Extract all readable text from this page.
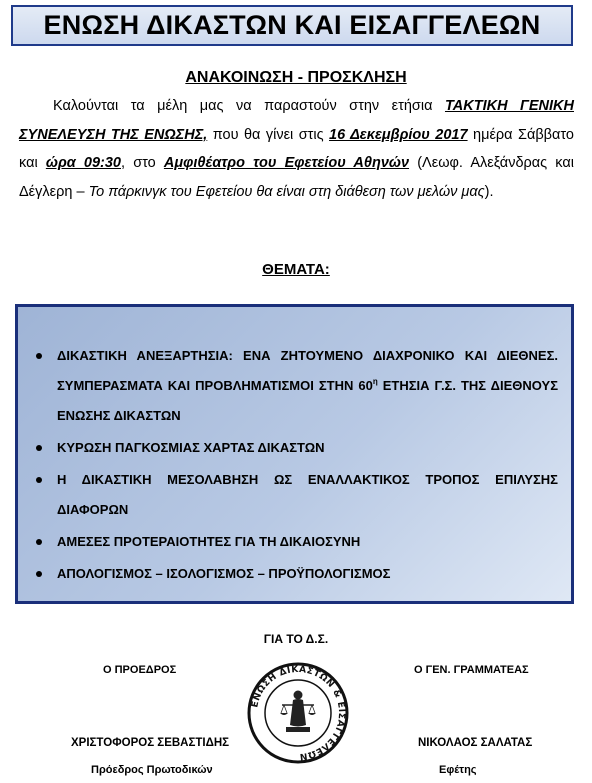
ΕΝΩΣΗ ΔΙΚΑΣΤΩΝ ΚΑΙ ΕΙΣΑΓΓΕΛΕΩΝ
ΑΝΑΚΟΙΝΩΣΗ - ΠΡΟΣΚΛΗΣΗ
Καλούνται τα μέλη μας να παραστούν στην ετήσια ΤΑΚΤΙΚΗ ΓΕΝΙΚΗ ΣΥΝΕΛΕΥΣΗ ΤΗΣ ΕΝΩΣΗΣ, που θα γίνει στις 16 Δεκεμβρίου 2017 ημέρα Σάββατο και ώρα 09:30, στο Αμφιθέατρο του Εφετείου Αθηνών (Λεωφ. Αλεξάνδρας και Δέγλερη – Το πάρκινγκ του Εφετείου θα είναι στη διάθεση των μελών μας).
ΘΕΜΑΤΑ:
ΔΙΚΑΣΤΙΚΗ ΑΝΕΞΑΡΤΗΣΙΑ: ΕΝΑ ΖΗΤΟΥΜΕΝΟ ΔΙΑΧΡΟΝΙΚΟ ΚΑΙ ΔΙΕΘΝΕΣ. ΣΥΜΠΕΡΑΣΜΑΤΑ ΚΑΙ ΠΡΟΒΛΗΜΑΤΙΣΜΟΙ ΣΤΗΝ $60^\eta$ ΕΤΗΣΙΑ Γ.Σ. ΤΗΣ ΔΙΕΘΝΟΥΣ ΕΝΩΣΗΣ ΔΙΚΑΣΤΩΝ
ΚΥΡΩΣΗ ΠΑΓΚΟΣΜΙΑΣ ΧΑΡΤΑΣ ΔΙΚΑΣΤΩΝ
Η ΔΙΚΑΣΤΙΚΗ ΜΕΣΟΛΑΒΗΣΗ ΩΣ ΕΝΑΛΛΑΚΤΙΚΟΣ ΤΡΟΠΟΣ ΕΠΙΛΥΣΗΣ ΔΙΑΦΟΡΩΝ
ΑΜΕΣΕΣ ΠΡΟΤΕΡΑΙΟΤΗΤΕΣ ΓΙΑ ΤΗ ΔΙΚΑΙΟΣΥΝΗ
ΑΠΟΛΟΓΙΣΜΟΣ – ΙΣΟΛΟΓΙΣΜΟΣ – ΠΡΟΫΠΟΛΟΓΙΣΜΟΣ
ΓΙΑ ΤΟ Δ.Σ.
Ο ΠΡΟΕΔΡΟΣ	Ο ΓΕΝ. ΓΡΑΜΜΑΤΕΑΣ
ΧΡΙΣΤΟΦΟΡΟΣ ΣΕΒΑΣΤΙΔΗΣ	ΝΙΚΟΛΑΟΣ ΣΑΛΑΤΑΣ
Πρόεδρος Πρωτοδικών	Εφέτης
ΕΝΩΣΗ ΔΙΚΑΣΤΩΝ & ΕΙΣΑΓΓΕΛΕΩΝ
